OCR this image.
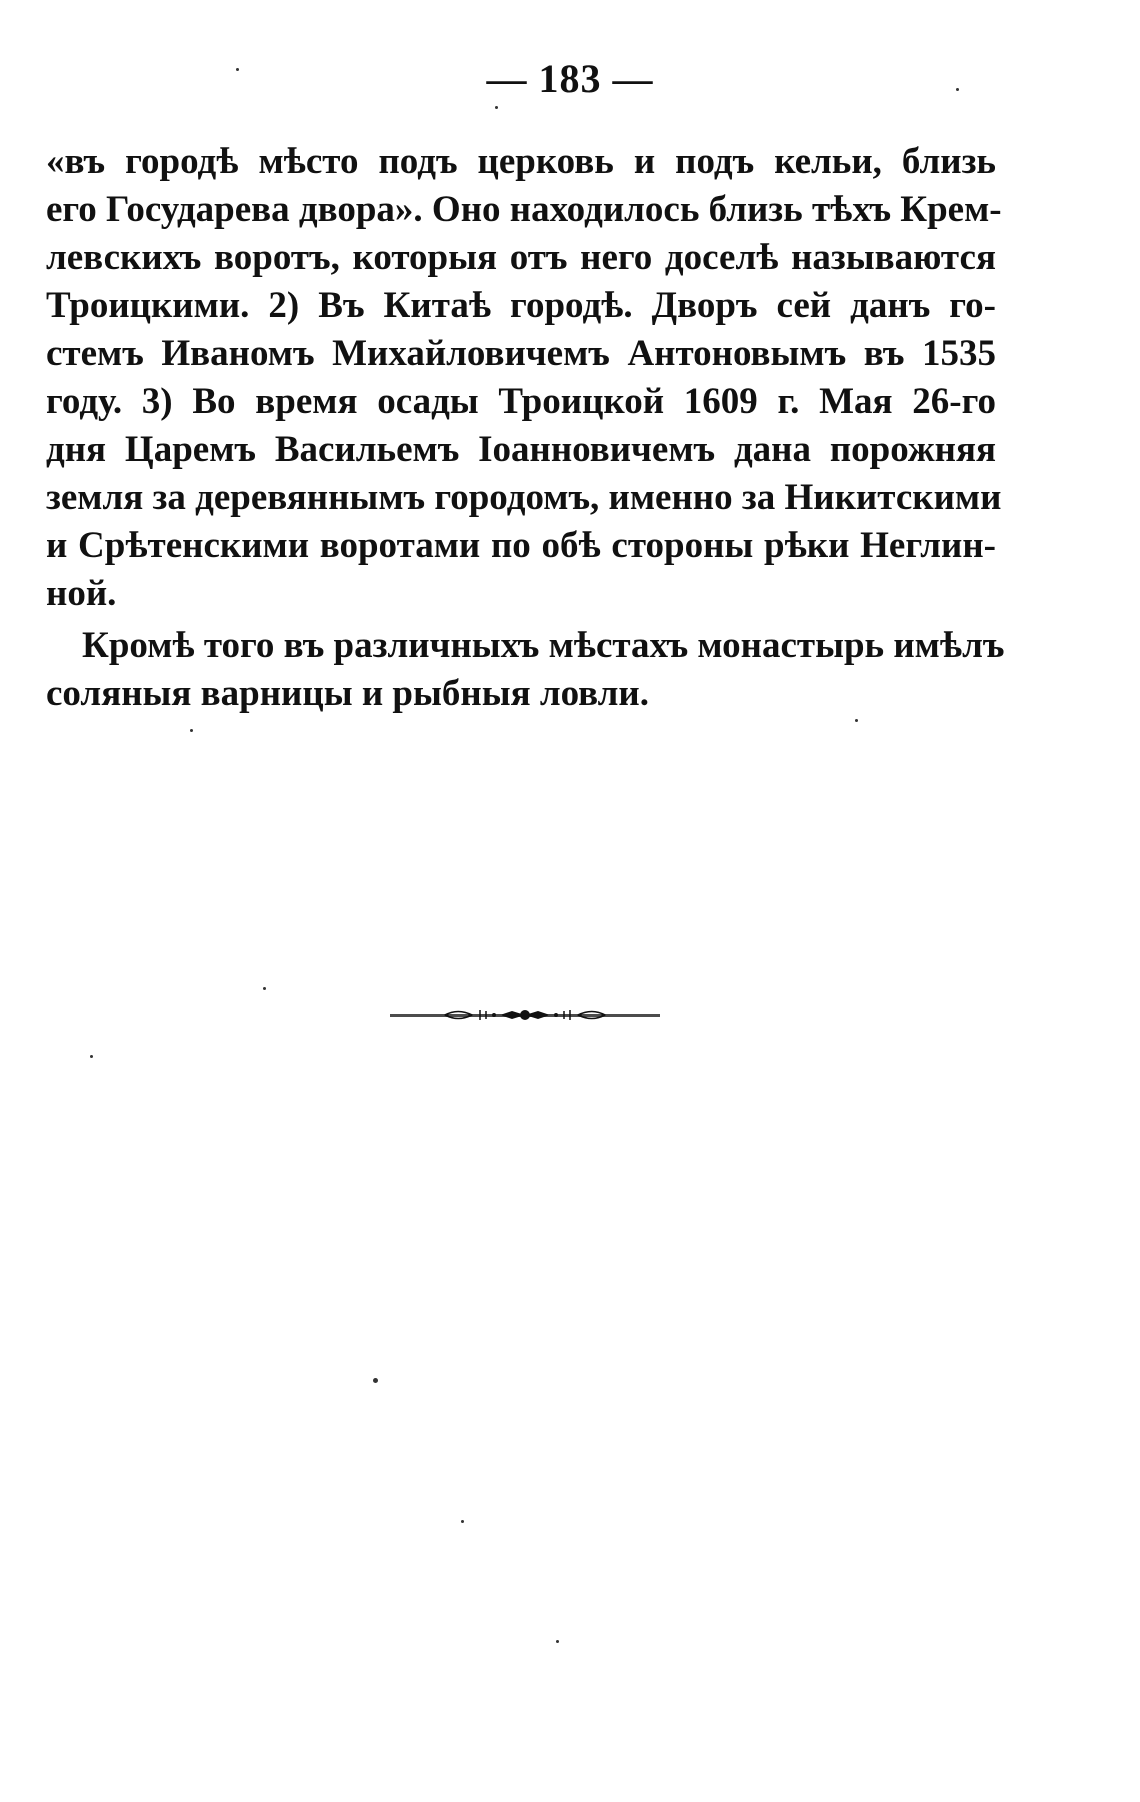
— 183 —
«въ городѣ мѣсто подъ церковь и подъ кельи, близь
его Государева двора». Оно находилось близь тѣхъ Крем-
левскихъ воротъ, которыя отъ него доселѣ называются
Троицкими. 2) Въ Китаѣ городѣ. Дворъ сей данъ го-
стемъ Иваномъ Михайловичемъ Антоновымъ въ 1535
году. 3) Во время осады Троицкой 1609 г. Мая 26-го
дня Царемъ Васильемъ Іоанновичемъ дана порожняя
земля за деревяннымъ городомъ, именно за Никитскими
и Срѣтенскими воротами по обѣ стороны рѣки Неглин-
ной.
Кромѣ того въ различныхъ мѣстахъ монастырь имѣлъ
соляныя варницы и рыбныя ловли.
